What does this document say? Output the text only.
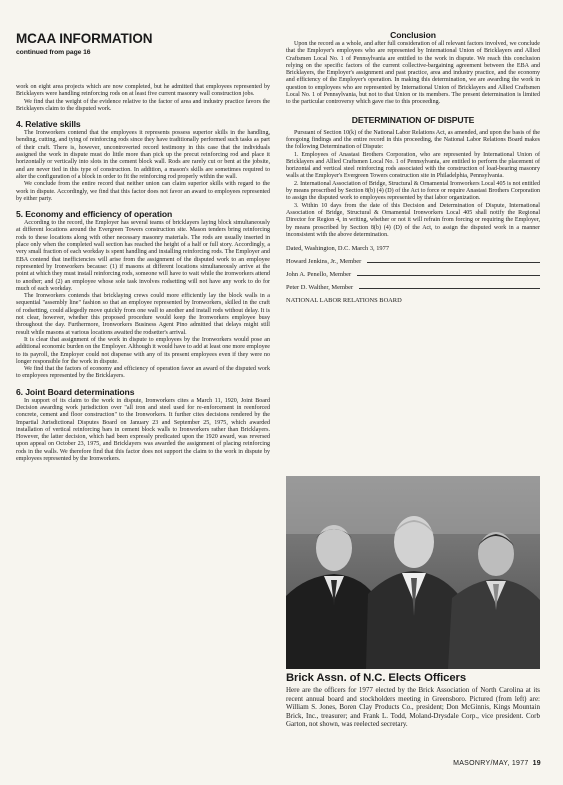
MCAA INFORMATION
continued from page 16

work on eight area projects which are now completed, but he admitted that employees represented by Bricklayers were handling reinforcing rods on at least five current masonry wall construction jobs.

We find that the weight of the evidence relative to the factor of area and industry practice favors the Bricklayers claim to the disputed work.

4. Relative skills

The Ironworkers contend that the employees it represents possess superior skills in the handling, bending, cutting, and tying of reinforcing rods since they have traditionally performed such tasks as part of their craft. There is, however, uncontroverted record testimony in this case that the individuals assigned the work in dispute must do little more than pick up the precut reinforcing rod and place it horizontally or vertically into slots in the cement block wall. Rods are rarely cut or bent at the jobsite, and are never tied in this type of construction. In addition, a mason's skills are sometimes required to alter the configuration of a block in order to fit the reinforcing rod properly within the wall.

We conclude from the entire record that neither union can claim superior skills with regard to the work in dispute. Accordingly, we find that this factor does not favor an award to employees represented by either party.

5. Economy and efficiency of operation

According to the record, the Employer has several teams of bricklayers laying block simultaneously at different locations around the Evergreen Towers construction site. Mason tenders bring reinforcing rods to these locations along with other necessary masonry materials. The rods are usually inserted in place only when the completed wall section has reached the height of a half or full story. Accordingly, a very small fraction of each workday is spent handling and installing reinforcing rods. The Employer and EBA contend that inefficiencies will arise from the assignment of the disputed work to an employee represented by Ironworkers because: (1) if masons at different locations simultaneously arrive at the point at which they must install reinforcing rods, someone will have to wait while the ironworkers attend to another; and (2) an employee whose sole task involves rodsetting will not have any work to do for much of each workday.

The Ironworkers contends that bricklaying crews could more efficiently lay the block walls in a sequential "assembly line" fashion so that an employee represented by Ironworkers, skilled in the craft of rodsetting, could allegedly move quickly from one wall to another and install rods without delay. It is not clear, however, whether this proposed procedure would keep the Ironworkers employee busy throughout the day. Furthermore, Ironworkers Business Agent Pino admitted that delays might still result while masons at various locations awaited the rodsetter's arrival.

It is clear that assignment of the work in dispute to employees by the Ironworkers would pose an additional economic burden on the Employer. Although it would have to add at least one more employee to its payroll, the Employer could not dispense with any of its present employees even if they were no longer responsible for the work in dispute.

We find that the factors of economy and efficiency of operation favor an award of the disputed work to employees represented by the Bricklayers.

6. Joint Board determinations

In support of its claim to the work in dispute, Ironworkers cites a March 11, 1920, Joint Board Decision awarding work jurisdiction over "all iron and steel used for re-enforcement in reenforced concrete, cement and floor construction" to the Ironworkers. It further cites decisions rendered by the Impartial Jurisdictional Disputes Board on January 23 and September 25, 1975, which awarded installation of vertical reinforcing bars in cement block walls to Ironworkers rather than Bricklayers. However, the latter decision, which had been expressly predicated upon the 1920 award, was reversed upon appeal on October 23, 1975, and Bricklayers was awarded the assignment of placing reinforcing rods in the walls. We therefore find that this factor does not support the claim to the work in dispute by employees represented by the Ironworkers.

Conclusion

Upon the record as a whole, and after full consideration of all relevant factors involved, we conclude that the Employer's employees who are represented by International Union of Bricklayers and Allied Craftsmen Local No. 1 of Pennsylvania are entitled to the work in dispute. We reach this conclusion relying on the specific factors of the current collective-bargaining agreement between the EBA and Bricklayers, the Employer's assignment and past practice, area and industry practice, and the economy and efficiency of the Employer's operation. In making this determination, we are awarding the work in question to employees who are represented by International Union of Bricklayers and Allied Craftsmen Local No. 1 of Pennsylvania, but not to that Union or its members. The present determination is limited to the particular controversy which gave rise to this proceeding.

DETERMINATION OF DISPUTE

Pursuant of Section 10(k) of the National Labor Relations Act, as amended, and upon the basis of the foregoing findings and the entire record in this proceeding, the National Labor Relations Board makes the following Determination of Dispute:

1. Employees of Anastasi Brothers Corporation, who are represented by International Union of Bricklayers and Allied Craftsmen Local No. 1 of Pennsylvania, are entitled to perform the placement of horizontal and vertical steel reinforcing rods associated with the construction of load-bearing masonry walls at the Employer's Evergreen Towers construction site in Philadelphia, Pennsylvania.

2. International Association of Bridge, Structural & Ornamental Ironworkers Local 405 is not entitled by means proscribed by Section 8(b) (4) (D) of the Act to force or require Anastasi Brothers Corporation to assign the disputed work to employees represented by that labor organization.

3. Within 10 days from the date of this Decision and Determination of Dispute, International Association of Bridge, Structural & Ornamental Ironworkers Local 405 shall notify the Regional Director for Region 4, in writing, whether or not it will refrain from forcing or requiring the Employer, by means proscribed by Section 8(b) (4) (D) of the Act, to assign the disputed work in a manner inconsistent with the above determination.

Dated, Washington, D.C. March 3, 1977

Howard Jenkins, Jr., Member
John A. Penello, Member
Peter D. Walther, Member

NATIONAL LABOR RELATIONS BOARD

Brick Assn. of N.C. Elects Officers

Here are the officers for 1977 elected by the Brick Association of North Carolina at its recent annual board and stockholders meeting in Greensboro. Pictured (from left) are: William S. Jones, Boren Clay Products Co., president; Don McGinnis, Kings Mountain Brick, Inc., treasurer; and Frank L. Todd, Moland-Drysdale Corp., vice president. Corb Garton, not shown, was reelected secretary.

MASONRY/MAY, 1977 19
